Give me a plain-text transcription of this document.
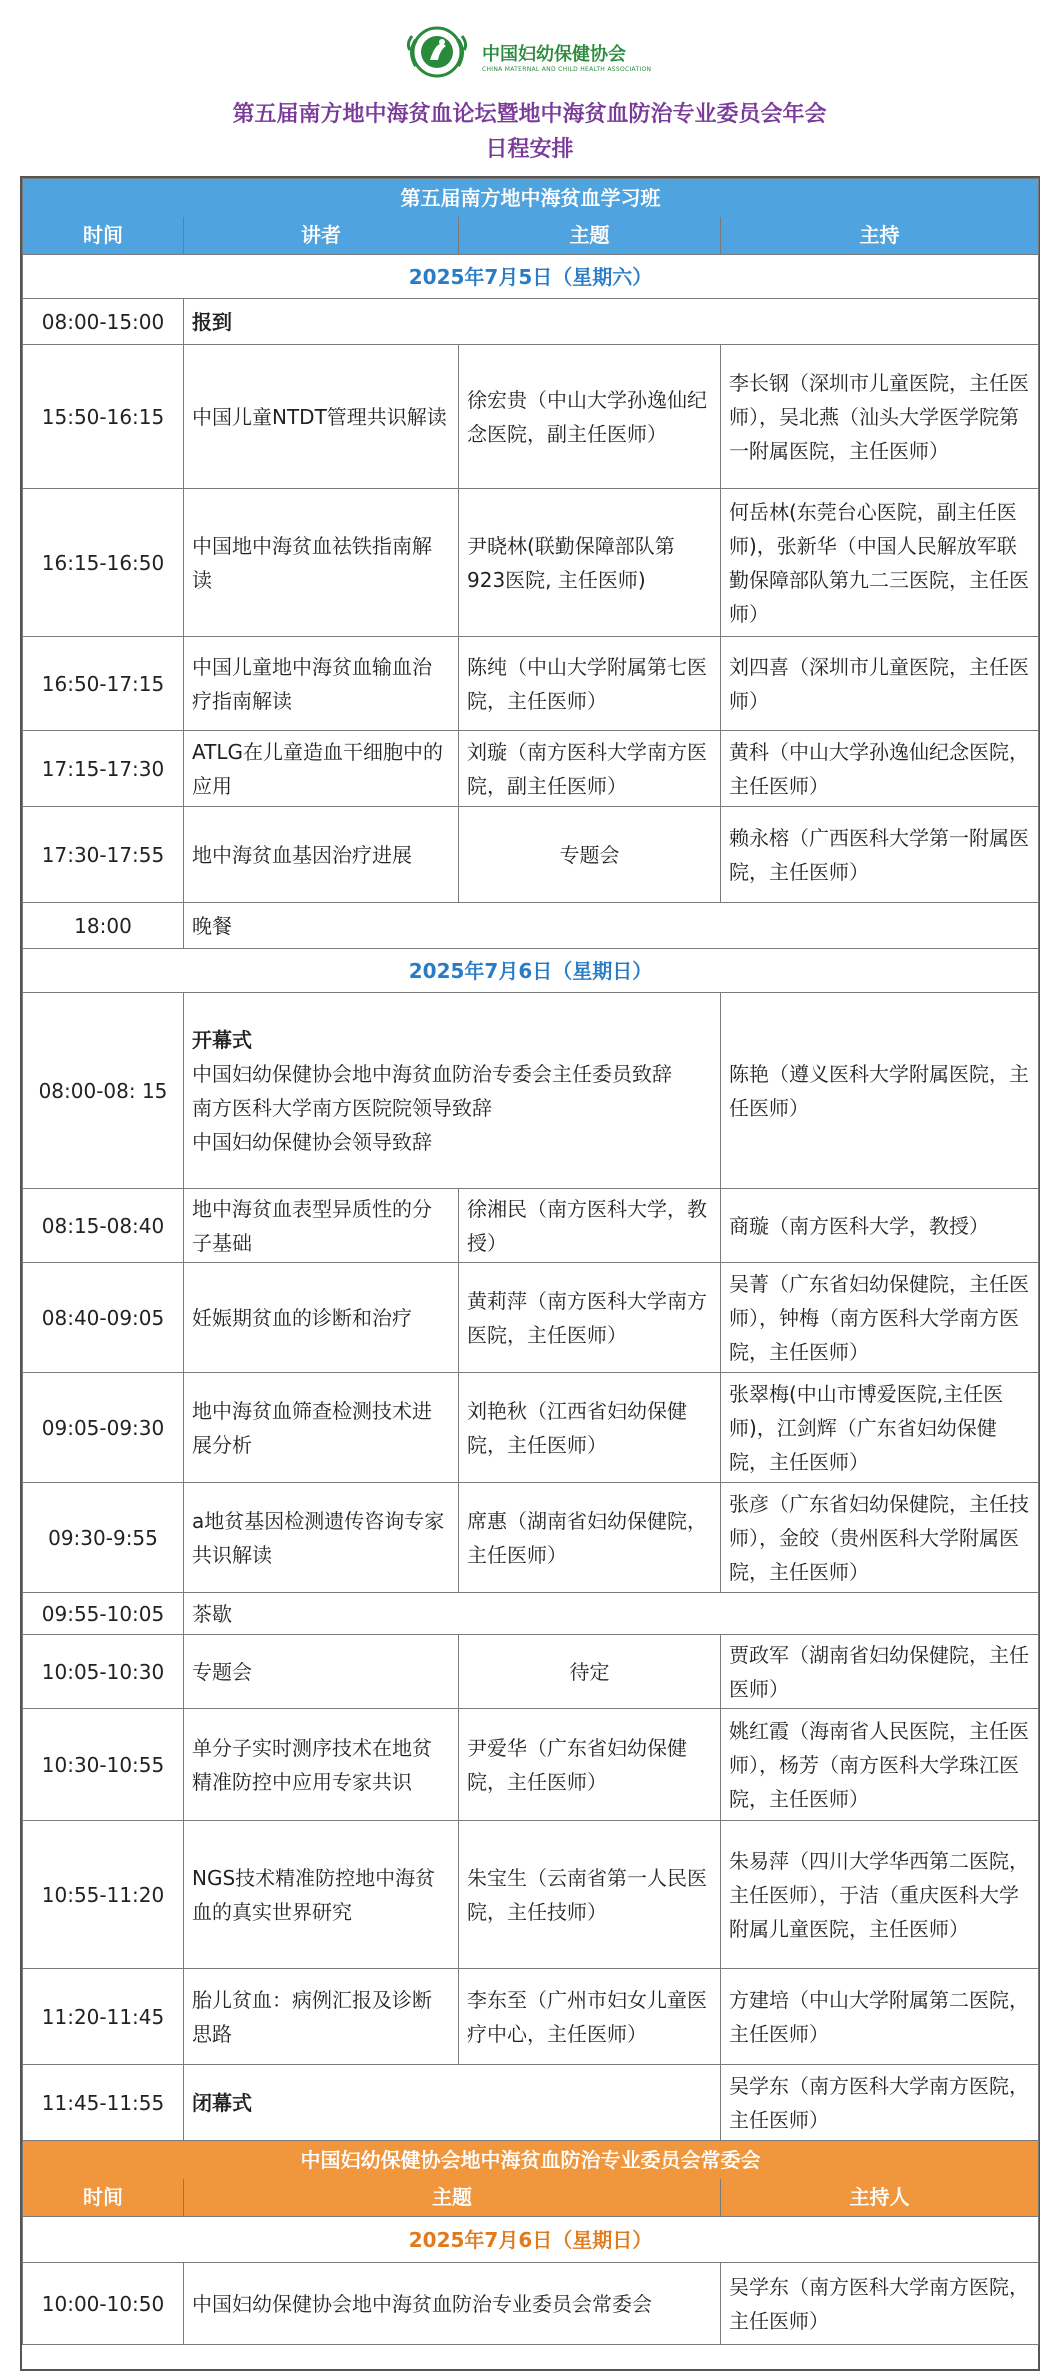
中国妇幼保健协会
CHINA MATERNAL AND CHILD HEALTH ASSOCIATION
第五届南方地中海贫血论坛暨地中海贫血防治专业委员会年会
日程安排
第五届南方地中海贫血学习班			
时间	讲者	主题	主持
2025年7月5日（星期六）			
08:00-15:00	报到		
15:50-16:15	中国儿童NTDT管理共识解读	徐宏贵（中山大学孙逸仙纪念医院，副主任医师）	李长钢（深圳市儿童医院，主任医师），吴北燕（汕头大学医学院第一附属医院，主任医师）
16:15-16:50	中国地中海贫血祛铁指南解读	尹晓林(联勤保障部队第923医院, 主任医师)	何岳林(东莞台心医院，副主任医师)，张新华（中国人民解放军联勤保障部队第九二三医院，主任医师）
16:50-17:15	中国儿童地中海贫血输血治疗指南解读	陈纯（中山大学附属第七医院，主任医师）	刘四喜（深圳市儿童医院，主任医师）
17:15-17:30	ATLG在儿童造血干细胞中的应用	刘璇（南方医科大学南方医院，副主任医师）	黄科（中山大学孙逸仙纪念医院，主任医师）
17:30-17:55	地中海贫血基因治疗进展	专题会	赖永榕（广西医科大学第一附属医院，主任医师）
18:00	晚餐		
2025年7月6日（星期日）			
08:00-08: 15	开幕式
中国妇幼保健协会地中海贫血防治专委会主任委员致辞
南方医科大学南方医院院领导致辞
中国妇幼保健协会领导致辞		陈艳（遵义医科大学附属医院，主任医师）
08:15-08:40	地中海贫血表型异质性的分子基础	徐湘民（南方医科大学，教授）	商璇（南方医科大学，教授）
08:40-09:05	妊娠期贫血的诊断和治疗	黄莉萍（南方医科大学南方医院，主任医师）	吴菁（广东省妇幼保健院，主任医师），钟梅（南方医科大学南方医院，主任医师）
09:05-09:30	地中海贫血筛查检测技术进展分析	刘艳秋（江西省妇幼保健院，主任医师）	张翠梅(中山市博爱医院,主任医师)，江剑辉（广东省妇幼保健院，主任医师）
09:30-9:55	a地贫基因检测遗传咨询专家共识解读	席惠（湖南省妇幼保健院，主任医师）	张彦（广东省妇幼保健院，主任技师），金皎（贵州医科大学附属医院，主任医师）
09:55-10:05	茶歇		
10:05-10:30	专题会	待定	贾政军（湖南省妇幼保健院，主任医师）
10:30-10:55	单分子实时测序技术在地贫精准防控中应用专家共识	尹爱华（广东省妇幼保健院，主任医师）	姚红霞（海南省人民医院，主任医师），杨芳（南方医科大学珠江医院，主任医师）
10:55-11:20	NGS技术精准防控地中海贫血的真实世界研究	朱宝生（云南省第一人民医院，主任技师）	朱易萍（四川大学华西第二医院，主任医师），于洁（重庆医科大学附属儿童医院，主任医师）
11:20-11:45	胎儿贫血：病例汇报及诊断思路	李东至（广州市妇女儿童医疗中心，主任医师）	方建培（中山大学附属第二医院，主任医师）
11:45-11:55	闭幕式		吴学东（南方医科大学南方医院，主任医师）
中国妇幼保健协会地中海贫血防治专业委员会常委会			
时间	主题		主持人
2025年7月6日（星期日）			
10:00-10:50	中国妇幼保健协会地中海贫血防治专业委员会常委会		吴学东（南方医科大学南方医院，主任医师）
